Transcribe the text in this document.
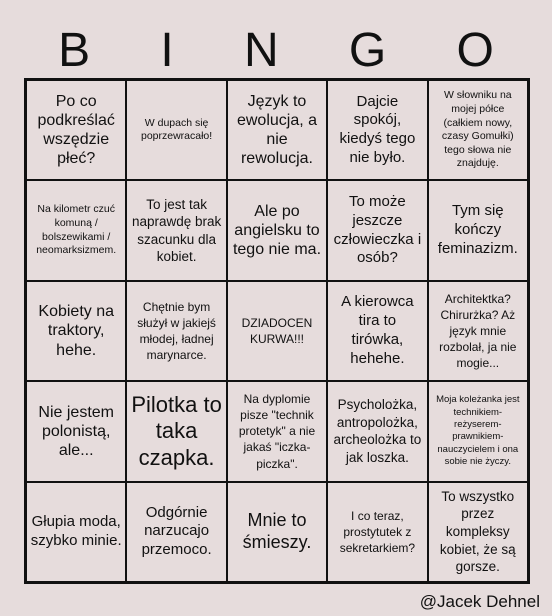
B I N G O
Po co podkreślać wszędzie płeć?
W dupach się poprzewracało!
Język to ewolucja, a nie rewolucja.
Dajcie spokój, kiedyś tego nie było.
W słowniku na mojej półce (całkiem nowy, czasy Gomułki) tego słowa nie znajduję.
Na kilometr czuć komuną / bolszewikami / neomarksizmem.
To jest tak naprawdę brak szacunku dla kobiet.
Ale po angielsku to tego nie ma.
To może jeszcze człowieczka i osób?
Tym się kończy feminazizm.
Kobiety na traktory, hehe.
Chętnie bym służył w jakiejś młodej, ładnej marynarce.
DZIADOCEN KURWA!!!
A kierowca tira to tirówka, hehehe.
Architektka? Chirurżka? Aż język mnie rozbolał, ja nie mogie...
Nie jestem polonistą, ale...
Pilotka to taka czapka.
Na dyplomie pisze "technik protetyk" a nie jakaś "iczka-piczka".
Psycholożka, antropolożka, archeolożka to jak loszka.
Moja koleżanka jest technikiem-reżyserem-prawnikiem-nauczycielem i ona sobie nie życzy.
Głupia moda, szybko minie.
Odgórnie narzucajo przemoco.
Mnie to śmieszy.
I co teraz, prostytutek z sekretarkiem?
To wszystko przez kompleksy kobiet, że są gorsze.
@Jacek Dehnel
